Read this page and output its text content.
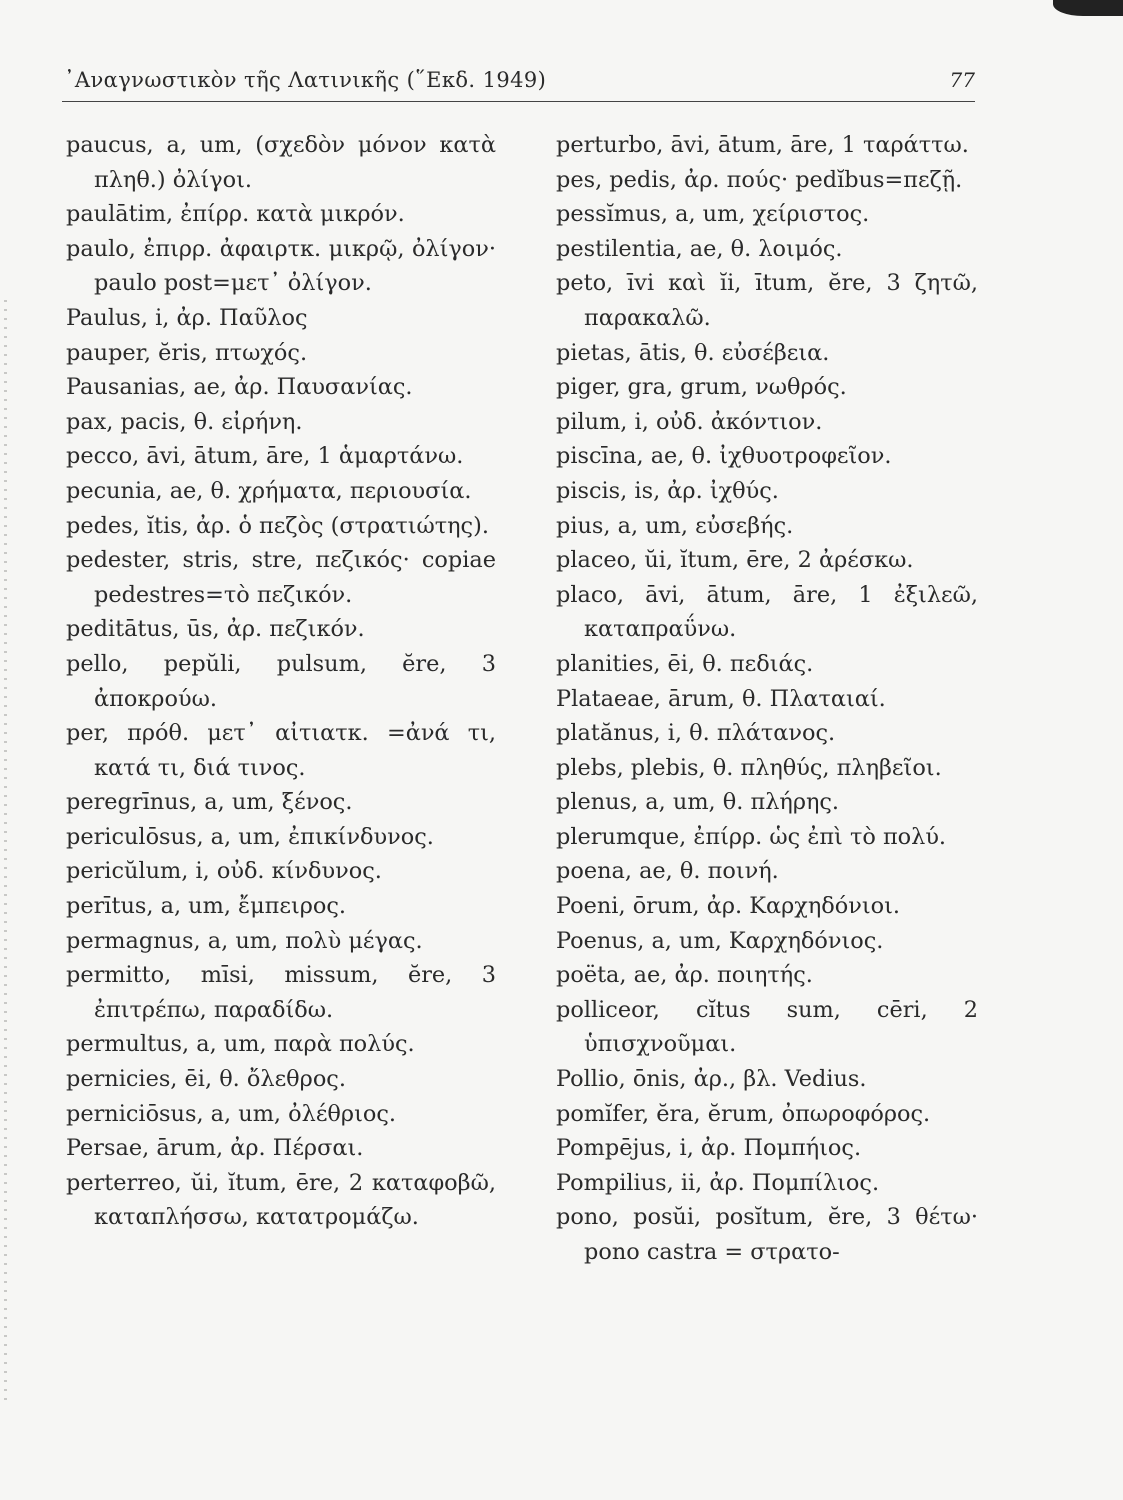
᾿Αναγνωστικὸν τῆς Λατινικῆς (῞Εκδ. 1949)	77
paucus, a, um, (σχεδὸν μόνον κατὰ πληθ.) ὀλίγοι.
paulātim, ἐπίρρ. κατὰ μικρόν.
paulo, ἐπιρρ. ἀφαιρτκ. μικρῷ, ὀλίγον· paulo post=μετ᾿ ὀλίγον.
Paulus, i, ἀρ. Παῦλος
pauper, ĕris, πτωχός.
Pausanias, ae, ἀρ. Παυσανίας.
pax, pacis, θ. εἰρήνη.
pecco, āvi, ātum, āre, 1 ἁμαρτάνω.
pecunia, ae, θ. χρήματα, περιουσία.
pedes, ĭtis, ἀρ. ὁ πεζὸς (στρατιώτης).
pedester, stris, stre, πεζικός· copiae pedestres=τὸ πεζικόν.
peditātus, ūs, ἀρ. πεζικόν.
pello, pepŭli, pulsum, ĕre, 3 ἀποκρούω.
per, πρόθ. μετ᾿ αἰτιατκ. =ἀνά τι, κατά τι, διά τινος.
peregrīnus, a, um, ξένος.
periculōsus, a, um, ἐπικίνδυνος.
pericŭlum, i, οὐδ. κίνδυνος.
perītus, a, um, ἔμπειρος.
permagnus, a, um, πολὺ μέγας.
permitto, mīsi, missum, ĕre, 3 ἐπιτρέπω, παραδίδω.
permultus, a, um, παρὰ πολύς.
pernicies, ēi, θ. ὄλεθρος.
perniciōsus, a, um, ὀλέθριος.
Persae, ārum, ἀρ. Πέρσαι.
perterreo, ŭi, ĭtum, ēre, 2 καταφοβῶ, καταπλήσσω, κατατρομάζω.
perturbo, āvi, ātum, āre, 1 ταράττω.
pes, pedis, ἀρ. πούς· pedĭbus=πεζῇ.
pessĭmus, a, um, χείριστος.
pestilentia, ae, θ. λοιμός.
peto, īvi καὶ ĭi, ītum, ĕre, 3 ζητῶ, παρακαλῶ.
pietas, ātis, θ. εὐσέβεια.
piger, gra, grum, νωθρός.
pilum, i, οὐδ. ἀκόντιον.
piscīna, ae, θ. ἰχθυοτροφεῖον.
piscis, is, ἀρ. ἰχθύς.
pius, a, um, εὐσεβής.
placeo, ŭi, ĭtum, ēre, 2 ἀρέσκω.
placo, āvi, ātum, āre, 1 ἐξιλεῶ, καταπραΰνω.
planities, ēi, θ. πεδιάς.
Plataeae, ārum, θ. Πλαταιαί.
platănus, i, θ. πλάτανος.
plebs, plebis, θ. πληθύς, πληβεῖοι.
plenus, a, um, θ. πλήρης.
plerumque, ἐπίρρ. ὡς ἐπὶ τὸ πολύ.
poena, ae, θ. ποινή.
Poeni, ōrum, ἀρ. Καρχηδόνιοι.
Poenus, a, um, Καρχηδόνιος.
poëta, ae, ἀρ. ποιητής.
polliceor, cĭtus sum, cēri, 2 ὑπισχνοῦμαι.
Pollio, ōnis, ἀρ., βλ. Vedius.
pomĭfer, ĕra, ĕrum, ὀπωροφόρος.
Pompējus, i, ἀρ. Πομπήιος.
Pompilius, ii, ἀρ. Πομπίλιος.
pono, posŭi, posĭtum, ĕre, 3 θέτω· pono castra = στρατο-
